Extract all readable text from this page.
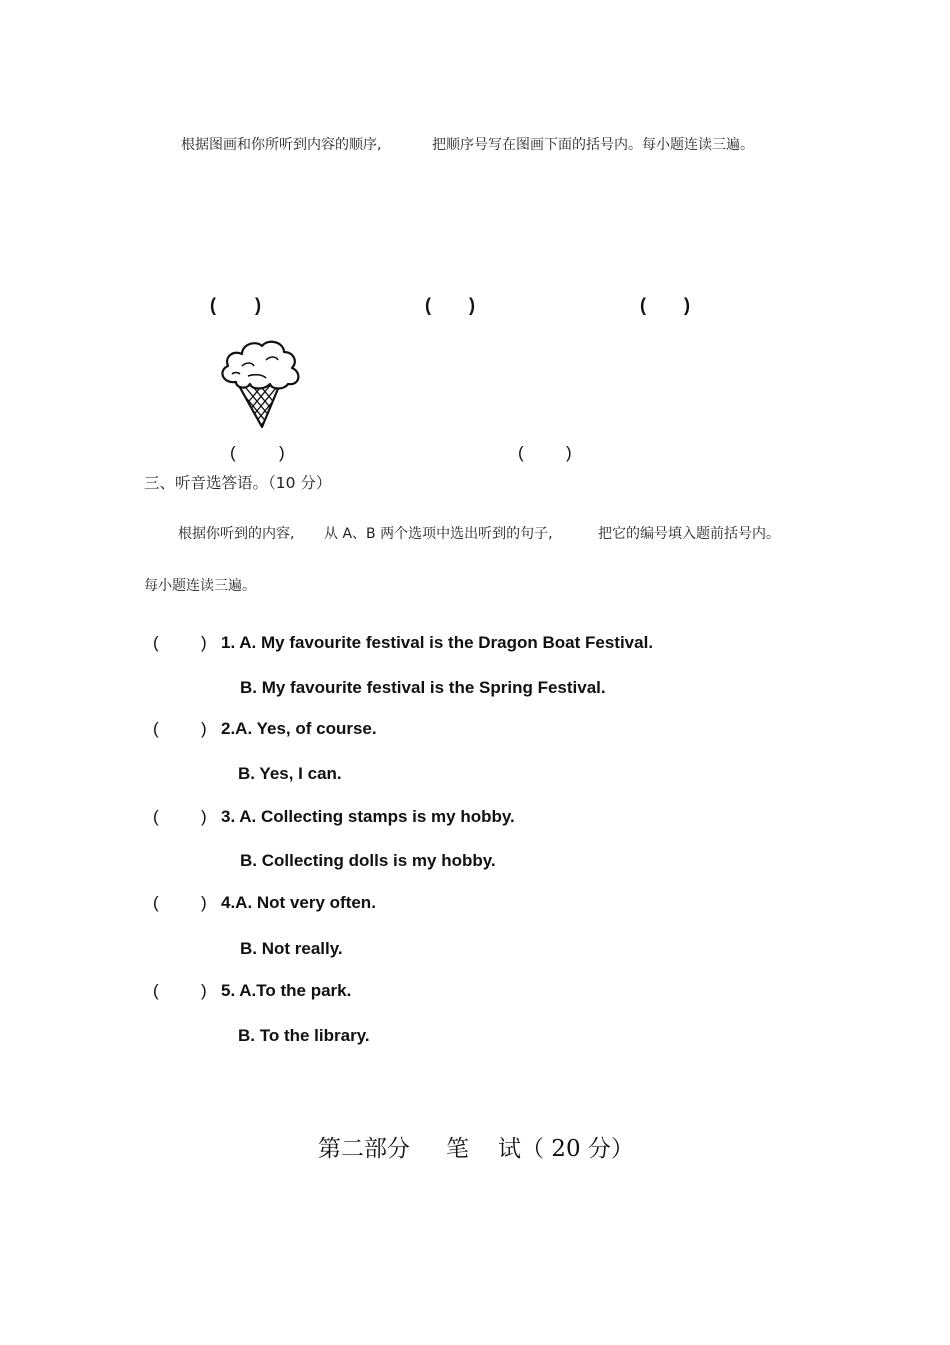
根据图画和你所听到内容的顺序,	把顺序号写在图画下面的括号内。每小题连读三遍。
( )	( )	( )
(	)	( )
三、听音选答语。（10 分）
根据你听到的内容, 从 A、B 两个选项中选出听到的句子,	把它的编号填入题前括号内。
每小题连读三遍。
( ) 1. A. My favourite festival is the Dragon Boat Festival.
B. My favourite festival is the Spring Festival.
( ) 2.A. Yes, of course.
B. Yes, I can.
( ) 3. A. Collecting stamps is my hobby.
B. Collecting dolls is my hobby.
( ) 4.A. Not very often.
B. Not really.
( ) 5. A.To the park.
B. To the library.
第二部分 笔 试（ 20 分）
